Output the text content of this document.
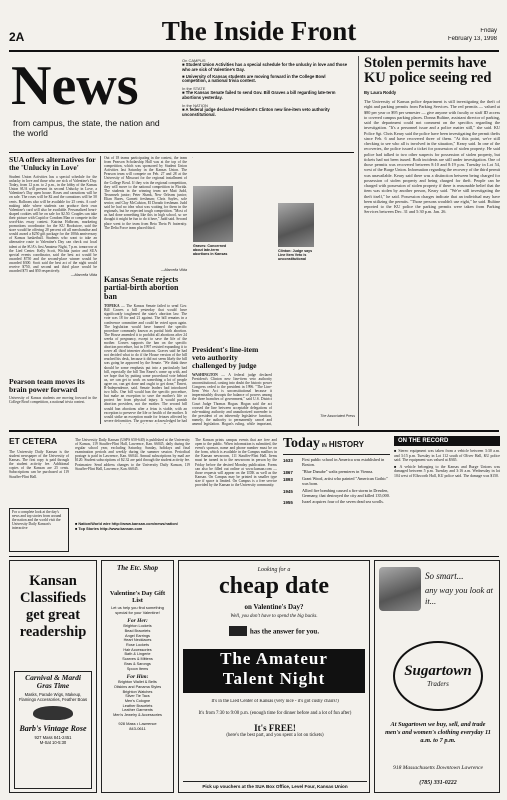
2A	The Inside Front	Friday
February 13, 1998
News
from campus, the state, the nation and the world
On CAMPUS
■ Student Union Activities has a special schedule for the unlucky in love and those who are sick of Valentine's Day.
■ University of Kansas students are moving forward in the College Bowl competition, a national trivia contest.
In the STATE
■ The Kansas Senate failed to send Gov. Bill Graves a bill regarding late-term abortions yesterday.
In the NATION
■ A federal judge declared President's Clinton new line-item veto authority unconstitutional.
Stolen permits have KU police seeing red
By Laura Roddy
The University of Kansas police department is still investigating the theft of eight and parking permits from Parking Services. The red permits — valued at $80 per year or $95 per semester — give anyone with faculty or staff ID access to covered campus parking places. Donna Bultine, assistant director of parking, said the department could not comment on the specifics regarding the investigation. "It's a personnel issue and a police matter still," she said. KU Police Sgt. Chris Keary said the police have been investigating the permit thefts since Feb. 6 and have recovered three of them. "At this point, we're still checking to see who all is involved in the situation," Keary said. In one of the recoveries, the police issued a ticket for possession of stolen property. He said police had talked to two other suspects for possession of stolen property, but tickets had not been issued. Both incidents are still under investigation. One of those permits was recovered between 8:10 and 8:19 p.m. Tuesday in Lot 54, west of the Burge Union. Information regarding the recovery of the third permit was unavailable. Keary said there was a distinction between being charged for possession of stolen property and being charged for theft. People can be charged with possession of stolen property if there is reasonable belief that the item was stolen by another person, Keary said. "We're still investigating the theft itself," he said. Possession charges indicate that an individual may have been utilizing the permits. "Those persons wouldn't use eight," he said. Bultine reported to the KU police the parking permits were taken from Parking Services between Dec. 31 and 5:30 p.m. Jan. 26.
SUA offers alternatives for the 'Unlucky in Love'
Student Union Activities has a special schedule for the unlucky in love and those who are sick of Valentine's Day. Today, from 12 p.m. to 2 p.m., in the lobby of the Kansas Union SUA will present its second Unlucky in Love, a Valentine's Day open house. Roses and carnations will be on sale. The roses will be $2 and the carnations will be 50 cents. Balloons also will be available for 25 cents. A card-making table where students can produce their own Valentine's card will also be available. Personalized heart-shaped cookies will be on sale for $2.50. Couples can take their picture with Cupid or Condom Man or compete in the word-kiss essay contest. Katrina Holbrom, marketing promotions coordinator for the KU Bookstore, said the store would be offering 20 percent off all merchandise and would award a $250 gift package for the 100th anniversary of Kansas basketball. Students who want to take an alternative route to Valentine's Day can check out local talent at the SUA's first Amateur Night, 7 p.m. tomorrow at the Lied Center. Kelly Scott, Wichita junior and SUA special events coordinator, said the best act would be awarded $750 and the second-place winner would be awarded $300. Scott said the best act of the night would receive $750, and second and third place would be awarded $75 and $50 respectively.
—Marcella Vilda
Pearson team moves its brain power forward
University of Kansas students are moving forward in the College Bowl competition, a national trivia contest.
Out of 18 teams participating in the contest, the team from Pearson Scholarship Hall was at the top of the competition, which was sponsored by Student Union Activities last Saturday in the Kansas Union. The Pearson team will compete on Feb. 27 and 28 at the University of Missouri for the regional installment of the College Bowl. If they win the regional competition, they will move to the national competition in Florida. The students in the winning team are Matt Judd, Tecumseh junior; Peter Shank, New Orleans junior; Elian Bures, Garnett freshman; Chris Sayles, sole senior; and Clay McCalston, El Dorado freshman. Judd said he had no idea what was waiting for them in the regionals, but he expected tough competition. "Most of us had done something like this in high school, so we thought it might be fun to do it here," Judd said. Second place went to the team from Beta Theta Pi fraternity. The Delta Force team placed third.
—Marcella Vilda
Kansas Senate rejects partial-birth abortion ban
TOPEKA — The Kansas Senate failed to send Gov. Bill Graves a bill yesterday that would have significantly toughened the state's abortion law. The vote was 18 for and 21 against. The bill remains in a conference committee and could be voted upon again. The legislation would have banned the specific procedure commonly known as partial birth abortion. The House amended it to prohibit all abortions after 24 weeks of pregnancy, except to save the life of the mother. Graves supports the ban on the specific abortion procedure, but in 1997 resisted expanding it to cover all third trimester abortions. Graves said he had not decided what to do if the House version of the bill reached his desk, because it did not seem likely the bill was going be approved by the Senate. "We think there should be some emphasis put into a particularly bad bill, especially the bill Tim Emert's come up with, and we hope that by putting some procedural vote behind us, we can get to work on something a lot of people agree on, can get done and ought to get done," Emert, R-Independence, said. Senate leaders had introduced two bills. One bill would ban the specific procedure, but make an exception to save the mother's life or protect her from physical injury. It would punish abortion providers, not the mother. The second bill would ban abortions after a fetus is viable, with an exception to preserve the life or health of the mother. It would strike an exception made for fetuses affected by severe deformities. The governor acknowledged he had
·
Graves: Concerned about late-term abortions in Kansas
President's line-item veto authority challenged by judge
WASHINGTON — A federal judge declared President's Clinton new line-item veto authority unconstitutional, casting into doubt the historic power Congress ceded to the president in 1996. "The Line-Item Veto Act is unconstitutional because it impermissibly disrupts the balance of powers among the three branches of government," said U.S. District Court Judge Thomas Hogan. Hogan said the act crossed the line between acceptable delegations of rule-making authority and unauthorized surrender to the president of an inherently legislative function, namely, the authority to permanently cancel and amend legislation. Hogan's ruling, while important,
Clinton: Judge says Line Item Veto is unconstitutional

The Associated Press
ET CETERA
The University Daily Kansan is the student newspaper of the University of Kansas. The first copy is paid through the student activity fee. Additional copies of the Kansan are 25 cents. Subscriptions can be purchased at 119 Stauffer-Flint Hall.
For a complete look at the day's news and top stories from around the nation and the world visit the University Daily Kansan's interactive
The University Daily Kansan (USPS 650-640) is published at the University of Kansas, 119 Stauffer-Flint Hall, Lawrence, Kan. 66045, daily during the regular school year, excluding Saturday, Sunday, holidays and final examination periods and weekly during the summer session. Periodical postage is paid in Lawrence, Kan. 66044. Annual subscriptions by mail are $120. Student subscriptions of $2.32 are paid through the student activity fee. Postmaster: Send address changes to the University Daily Kansan, 119 Stauffer-Flint Hall, Lawrence, Kan. 66045.
■ Nation/World wire http://www.kansan.com/news/nation/
■ Top Stories http://www.kansan.com
The Kansan prints campus events that are free and open to the public. When information is submitted, the event's sponsor, name and phone number must be on the form, which is available in the Campus mailbox in the Kansan newsroom, 111 Stauffer-Flint Hall. Items must be turned in to the newsroom in person by the Friday before the desired Monday publication. Forms can also be filled out online at www.kansan.com — those requests will appear on the UDK as well as the Kansan. On Campus may be printed in smaller type size if space is limited. On Campus is a free service provided by the Kansan to the University community.
Today IN HISTORY
1633	First public school in America was established in Boston.
1867	"Blue Danube" waltz premieres in Vienna.
1893	Grant Wood, artist who painted "American Gothic" was born.
1945	Allied fire bombing caused a fire storm in Dresden, Germany, that destroyed the city and killed 135,000.
1955	Israel acquires four of the seven dead sea scrolls.
ON THE RECORD
■ Stereo equipment was taken from a vehicle between 3:30 a.m. and 3:15 p.m. Tuesday in Lot 112 south of Oliver Hall, KU police said. The equipment was valued at $365.
■ A vehicle belonging to the Kansas and Burge Unions was damaged between 5 p.m. Tuesday and 3:16 a.m. Wednesday in lot 104 west of Ellsworth Hall, KU police said. The damage was $150.
Kansan Classifieds get great readership
Carnival & Mardi Gras Time
Masks, Parade Wigs, Makeup, Flamingo Accessories, Feather Boas
Barb's Vintage Rose
927 Mass 841-2451
M-Sat 10-5:30
The Etc. Shop
Valentine's Day Gift List
Let us help you find something special for your Valentine!
For Her:
Brighton Lockets
Bead Bracelets
Angel Earrings
Heart Necklaces
Rose Lockets
Hair Accessories
Bath & Lingerie
Scarves & Mittens
Bras & Sarongs
Spoon Items
For Him:
Brighton Wallet & Belts
Oilskins and Panama Styles
Brighton Watches
Silver Tie Tacs
Men's Cologne
Leather Bracelets
Leather Garments
Men's Jewelry & Accessories
928 Mass • Lawrence
843-0611
Looking for a
cheap date
on Valentine's Day?
Well, you don't have to spend the big bucks.
has the answer for you.
The Amateur
Talent Night
It's in the Lied Center of Kansas (very nice - it's got cushy chairs!)
It's from 7:30 to 9:00 p.m. (enough time for dinner before and a lot of fun after)
It's FREE!
(here's the best part, and you spent a lot on tickets)
Pick up vouchers at the SUA Box Office, Level Four, Kansas Union
So smart...
any way you look at it...
Sugartown
Traders
At Sugartown we buy, sell, and trade men's and women's clothing everyday 11 a.m. to 7 p.m.
918 Massachusetts Downtown Lawrence
(785) 331-0222
